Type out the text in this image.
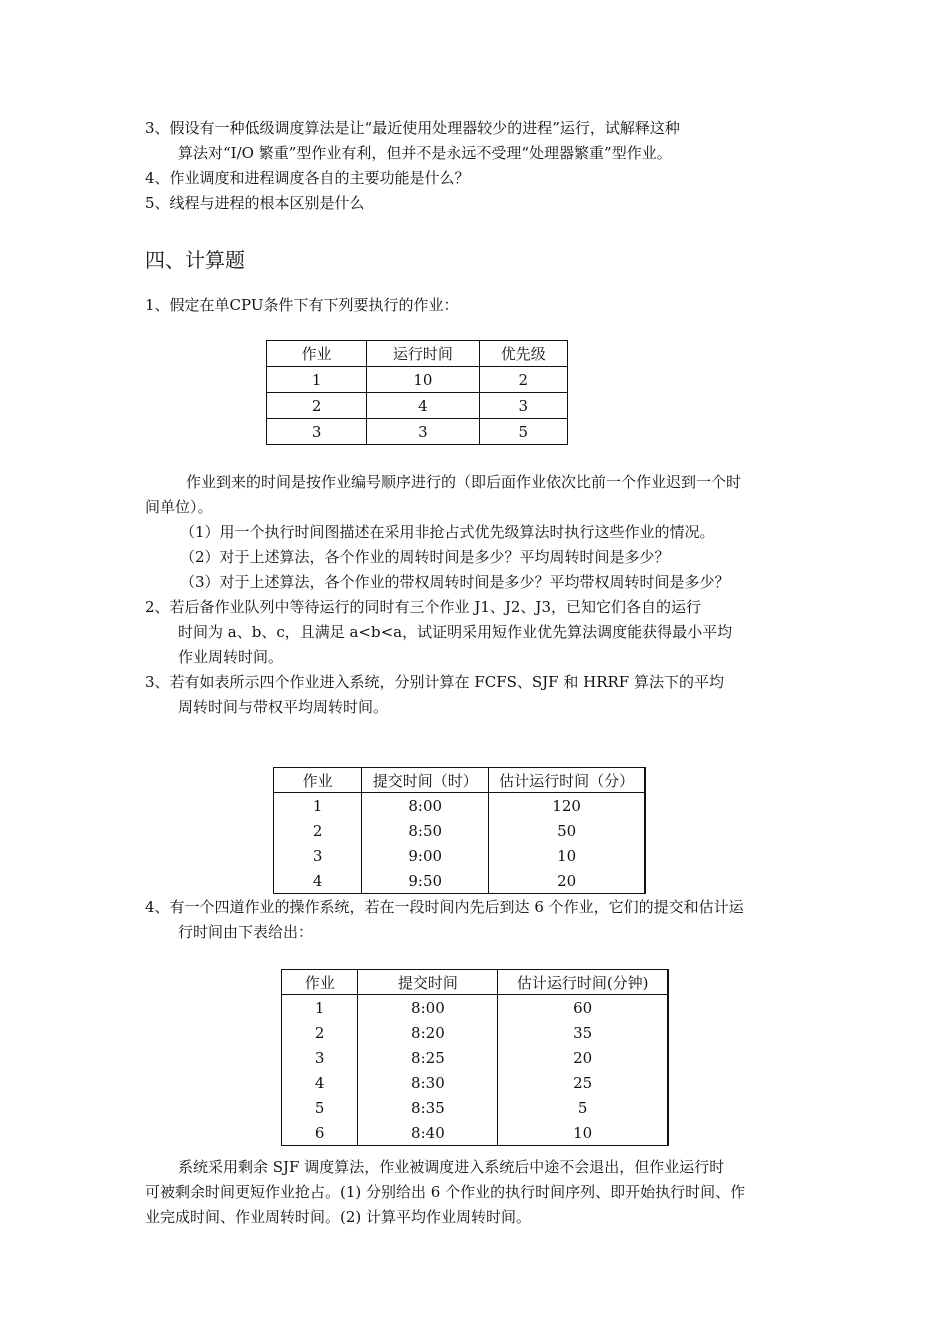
3、假设有一种低级调度算法是让“最近使用处理器较少的进程”运行，试解释这种
算法对“I/O 繁重”型作业有利，但并不是永远不受理“处理器繁重”型作业。
4、作业调度和进程调度各自的主要功能是什么？
5、线程与进程的根本区别是什么
四、计算题
1、假定在单CPU条件下有下列要执行的作业：
作业	运行时间	优先级
1	10	2
2	4	3
3	3	5
作业到来的时间是按作业编号顺序进行的（即后面作业依次比前一个作业迟到一个时
间单位）。
（1）用一个执行时间图描述在采用非抢占式优先级算法时执行这些作业的情况。
（2）对于上述算法，各个作业的周转时间是多少？平均周转时间是多少？
（3）对于上述算法，各个作业的带权周转时间是多少？平均带权周转时间是多少？
2、若后备作业队列中等待运行的同时有三个作业 J1、J2、J3，已知它们各自的运行
时间为 a、b、c，且满足 a<b<a，试证明采用短作业优先算法调度能获得最小平均
作业周转时间。
3、若有如表所示四个作业进入系统，分别计算在 FCFS、SJF 和 HRRF 算法下的平均
周转时间与带权平均周转时间。
作业	提交时间（时）	估计运行时间（分）
1	8:00	120
2	8:50	50
3	9:00	10
4	9:50	20
4、有一个四道作业的操作系统，若在一段时间内先后到达 6 个作业，它们的提交和估计运
行时间由下表给出：
作业	提交时间	估计运行时间(分钟)
1	8:00	60
2	8:20	35
3	8:25	20
4	8:30	25
5	8:35	5
6	8:40	10
系统采用剩余 SJF 调度算法，作业被调度进入系统后中途不会退出，但作业运行时
可被剩余时间更短作业抢占。(1) 分别给出 6 个作业的执行时间序列、即开始执行时间、作
业完成时间、作业周转时间。(2) 计算平均作业周转时间。
